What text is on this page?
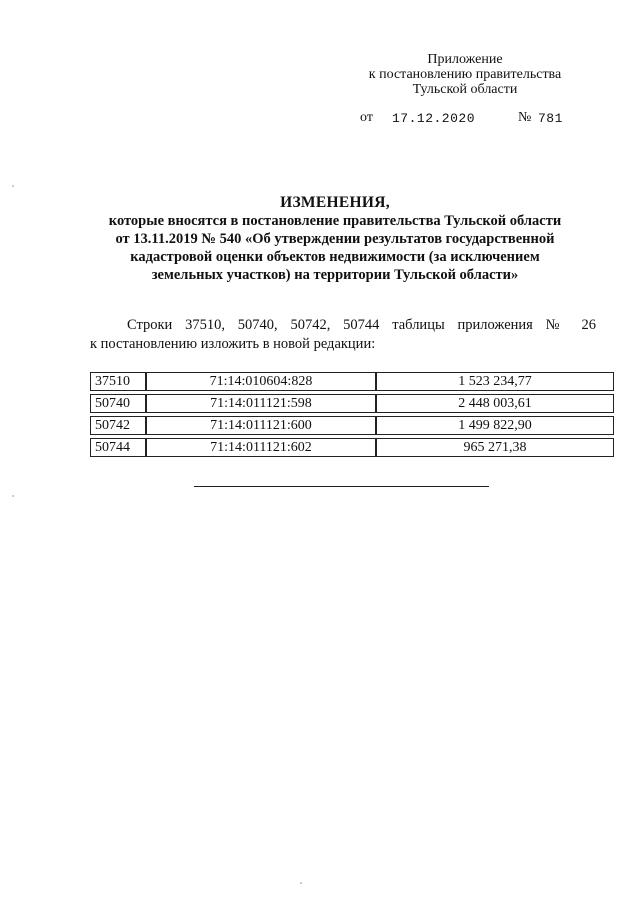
Приложение
к постановлению правительства
Тульской области
от 17.12.2020	№ 781
ИЗМЕНЕНИЯ,
которые вносятся в постановление правительства Тульской области
от 13.11.2019 № 540 «Об утверждении результатов государственной
кадастровой оценки объектов недвижимости (за исключением
земельных участков) на территории Тульской области»
Строки 37510, 50740, 50742, 50744 таблицы приложения № 26
к постановлению изложить в новой редакции:
37510	71:14:010604:828	1 523 234,77
50740	71:14:011121:598	2 448 003,61
50742	71:14:011121:600	1 499 822,90
50744	71:14:011121:602	965 271,38
